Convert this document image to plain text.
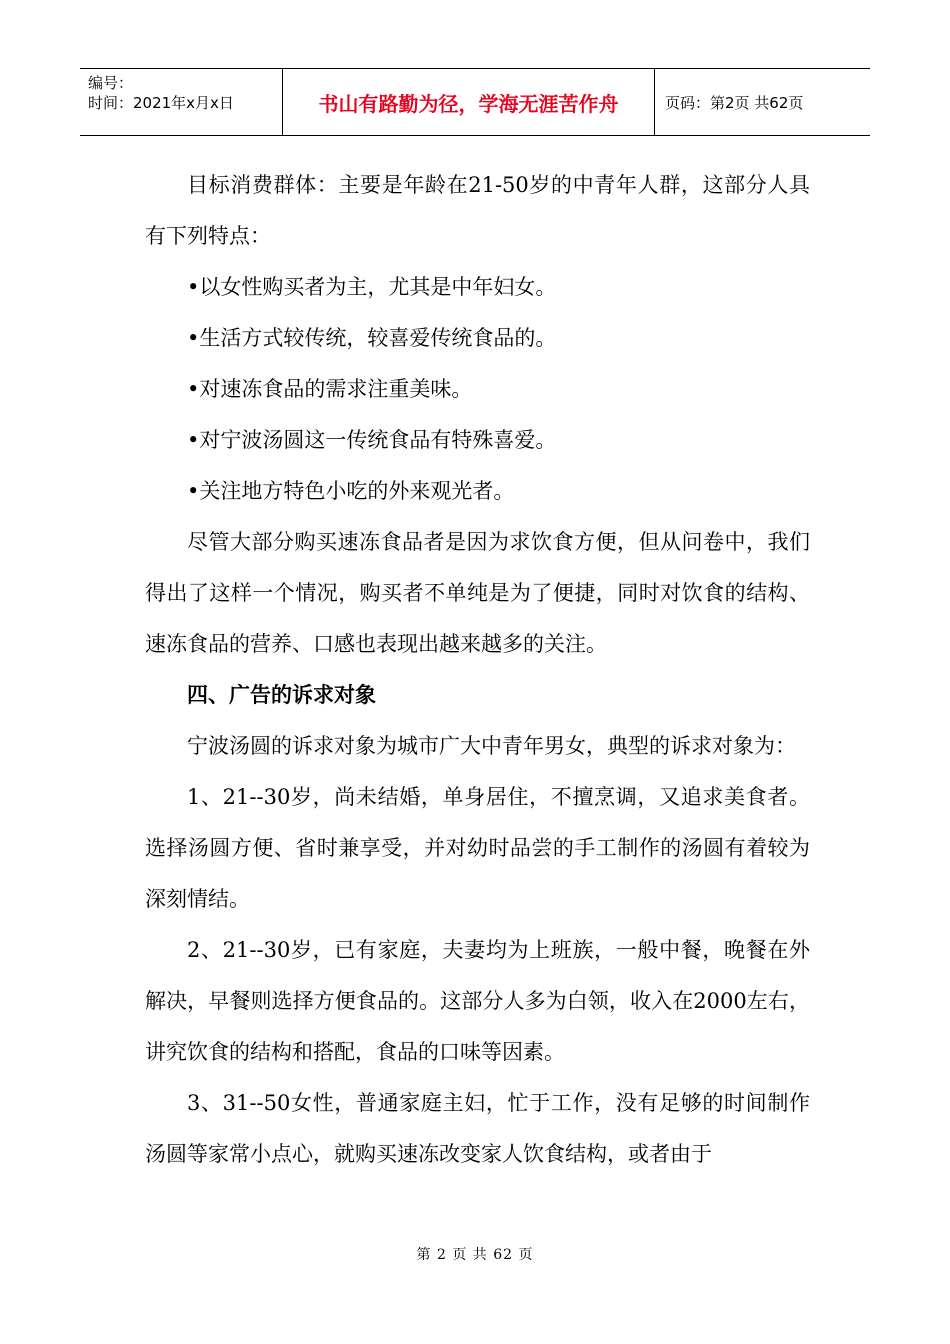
编号：
时间：2021年x月x日	书山有路勤为径，学海无涯苦作舟	页码：第2页 共62页

目标消费群体：主要是年龄在21-50岁的中青年人群，这部分人具有下列特点：

•以女性购买者为主，尤其是中年妇女。

•生活方式较传统，较喜爱传统食品的。

•对速冻食品的需求注重美味。

•对宁波汤圆这一传统食品有特殊喜爱。

•关注地方特色小吃的外来观光者。

尽管大部分购买速冻食品者是因为求饮食方便，但从问卷中，我们得出了这样一个情况，购买者不单纯是为了便捷，同时对饮食的结构、速冻食品的营养、口感也表现出越来越多的关注。

四、广告的诉求对象

宁波汤圆的诉求对象为城市广大中青年男女，典型的诉求对象为：

1、21--30岁，尚未结婚，单身居住，不擅烹调，又追求美食者。选择汤圆方便、省时兼享受，并对幼时品尝的手工制作的汤圆有着较为深刻情结。

2、21--30岁，已有家庭，夫妻均为上班族，一般中餐，晚餐在外解决，早餐则选择方便食品的。这部分人多为白领，收入在2000左右，讲究饮食的结构和搭配，食品的口味等因素。

3、31--50女性，普通家庭主妇，忙于工作，没有足够的时间制作汤圆等家常小点心，就购买速冻改变家人饮食结构，或者由于

第 2 页 共 62 页
